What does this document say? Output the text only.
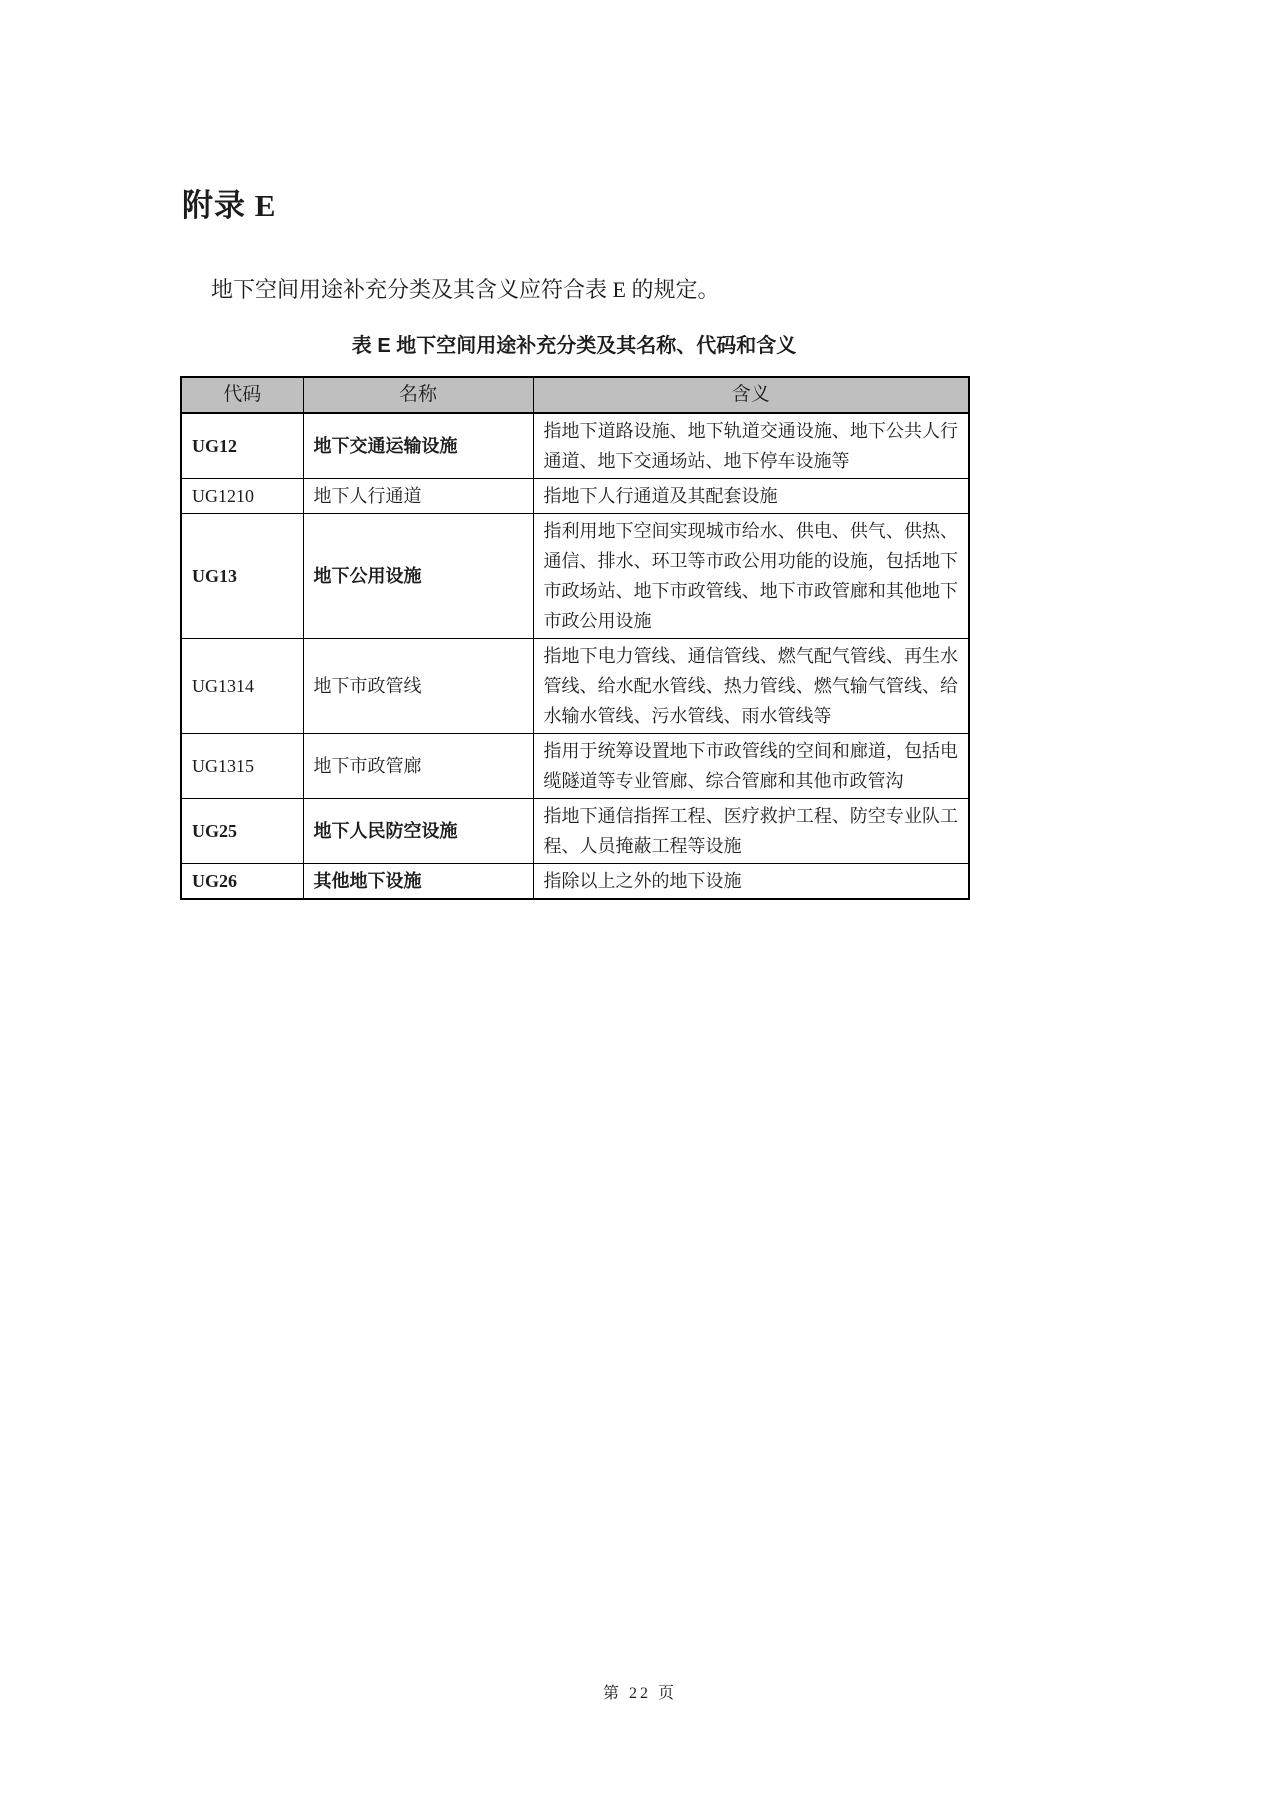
附录 E

地下空间用途补充分类及其含义应符合表 E 的规定。

表 E 地下空间用途补充分类及其名称、代码和含义
代码	名称	含义
UG12	地下交通运输设施	指地下道路设施、地下轨道交通设施、地下公共人行通道、地下交通场站、地下停车设施等
UG1210	地下人行通道	指地下人行通道及其配套设施
UG13	地下公用设施	指利用地下空间实现城市给水、供电、供气、供热、通信、排水、环卫等市政公用功能的设施，包括地下市政场站、地下市政管线、地下市政管廊和其他地下市政公用设施
UG1314	地下市政管线	指地下电力管线、通信管线、燃气配气管线、再生水管线、给水配水管线、热力管线、燃气输气管线、给水输水管线、污水管线、雨水管线等
UG1315	地下市政管廊	指用于统筹设置地下市政管线的空间和廊道，包括电缆隧道等专业管廊、综合管廊和其他市政管沟
UG25	地下人民防空设施	指地下通信指挥工程、医疗救护工程、防空专业队工程、人员掩蔽工程等设施
UG26	其他地下设施	指除以上之外的地下设施
第 22 页
